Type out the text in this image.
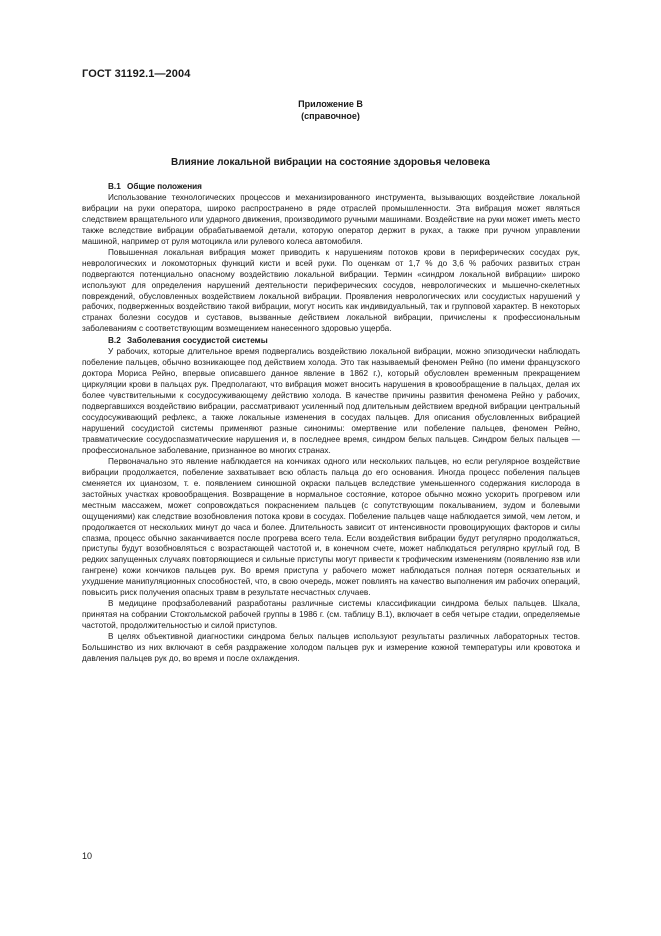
ГОСТ 31192.1—2004
Приложение В
(справочное)
Влияние локальной вибрации на состояние здоровья человека

В.1 Общие положения

Использование технологических процессов и механизированного инструмента, вызывающих воздействие локальной вибрации на руки оператора, широко распространено в ряде отраслей промышленности. Эта вибрация может являться следствием вращательного или ударного движения, производимого ручными машинами. Воздействие на руки может иметь место также вследствие вибрации обрабатываемой детали, которую оператор держит в руках, а также при ручном управлении машиной, например от руля мотоцикла или рулевого колеса автомобиля.

Повышенная локальная вибрация может приводить к нарушениям потоков крови в периферических сосудах рук, неврологических и локомоторных функций кисти и всей руки. По оценкам от 1,7 % до 3,6 % рабочих развитых стран подвергаются потенциально опасному воздействию локальной вибрации. Термин «синдром локальной вибрации» широко используют для определения нарушений деятельности периферических сосудов, неврологических и мышечно-скелетных повреждений, обусловленных воздействием локальной вибрации. Проявления неврологических или сосудистых нарушений у рабочих, подверженных воздействию такой вибрации, могут носить как индивидуальный, так и групповой характер. В некоторых странах болезни сосудов и суставов, вызванные действием локальной вибрации, причислены к профессиональным заболеваниям с соответствующим возмещением нанесенного здоровью ущерба.

В.2 Заболевания сосудистой системы

У рабочих, которые длительное время подвергались воздействию локальной вибрации, можно эпизодически наблюдать побеление пальцев, обычно возникающее под действием холода. Это так называемый феномен Рейно (по имени французского доктора Мориса Рейно, впервые описавшего данное явление в 1862 г.), который обусловлен временным прекращением циркуляции крови в пальцах рук. Предполагают, что вибрация может вносить нарушения в кровообращение в пальцах, делая их более чувствительными к сосудосуживающему действию холода. В качестве причины развития феномена Рейно у рабочих, подвергавшихся воздействию вибрации, рассматривают усиленный под длительным действием вредной вибрации центральный сосудосуживающий рефлекс, а также локальные изменения в сосудах пальцев. Для описания обусловленных вибрацией нарушений сосудистой системы применяют разные синонимы: омертвение или побеление пальцев, феномен Рейно, травматические сосудоспазматические нарушения и, в последнее время, синдром белых пальцев. Синдром белых пальцев — профессиональное заболевание, признанное во многих странах.

Первоначально это явление наблюдается на кончиках одного или нескольких пальцев, но если регулярное воздействие вибрации продолжается, побеление захватывает всю область пальца до его основания. Иногда процесс побеления пальцев сменяется их цианозом, т. е. появлением синюшной окраски пальцев вследствие уменьшенного содержания кислорода в застойных участках кровообращения. Возвращение в нормальное состояние, которое обычно можно ускорить прогревом или местным массажем, может сопровождаться покраснением пальцев (с сопутствующим покалыванием, зудом и болевыми ощущениями) как следствие возобновления потока крови в сосудах. Побеление пальцев чаще наблюдается зимой, чем летом, и продолжается от нескольких минут до часа и более. Длительность зависит от интенсивности провоцирующих факторов и силы спазма, процесс обычно заканчивается после прогрева всего тела. Если воздействия вибрации будут регулярно продолжаться, приступы будут возобновляться с возрастающей частотой и, в конечном счете, может наблюдаться регулярно круглый год. В редких запущенных случаях повторяющиеся и сильные приступы могут привести к трофическим изменениям (появлению язв или гангрене) кожи кончиков пальцев рук. Во время приступа у рабочего может наблюдаться полная потеря осязательных и ухудшение манипуляционных способностей, что, в свою очередь, может повлиять на качество выполнения им рабочих операций, повысить риск получения опасных травм в результате несчастных случаев.

В медицине профзаболеваний разработаны различные системы классификации синдрома белых пальцев. Шкала, принятая на собрании Стокгольмской рабочей группы в 1986 г. (см. таблицу В.1), включает в себя четыре стадии, определяемые частотой, продолжительностью и силой приступов.

В целях объективной диагностики синдрома белых пальцев используют результаты различных лабораторных тестов. Большинство из них включают в себя раздражение холодом пальцев рук и измерение кожной температуры или кровотока и давления пальцев рук до, во время и после охлаждения.

10
